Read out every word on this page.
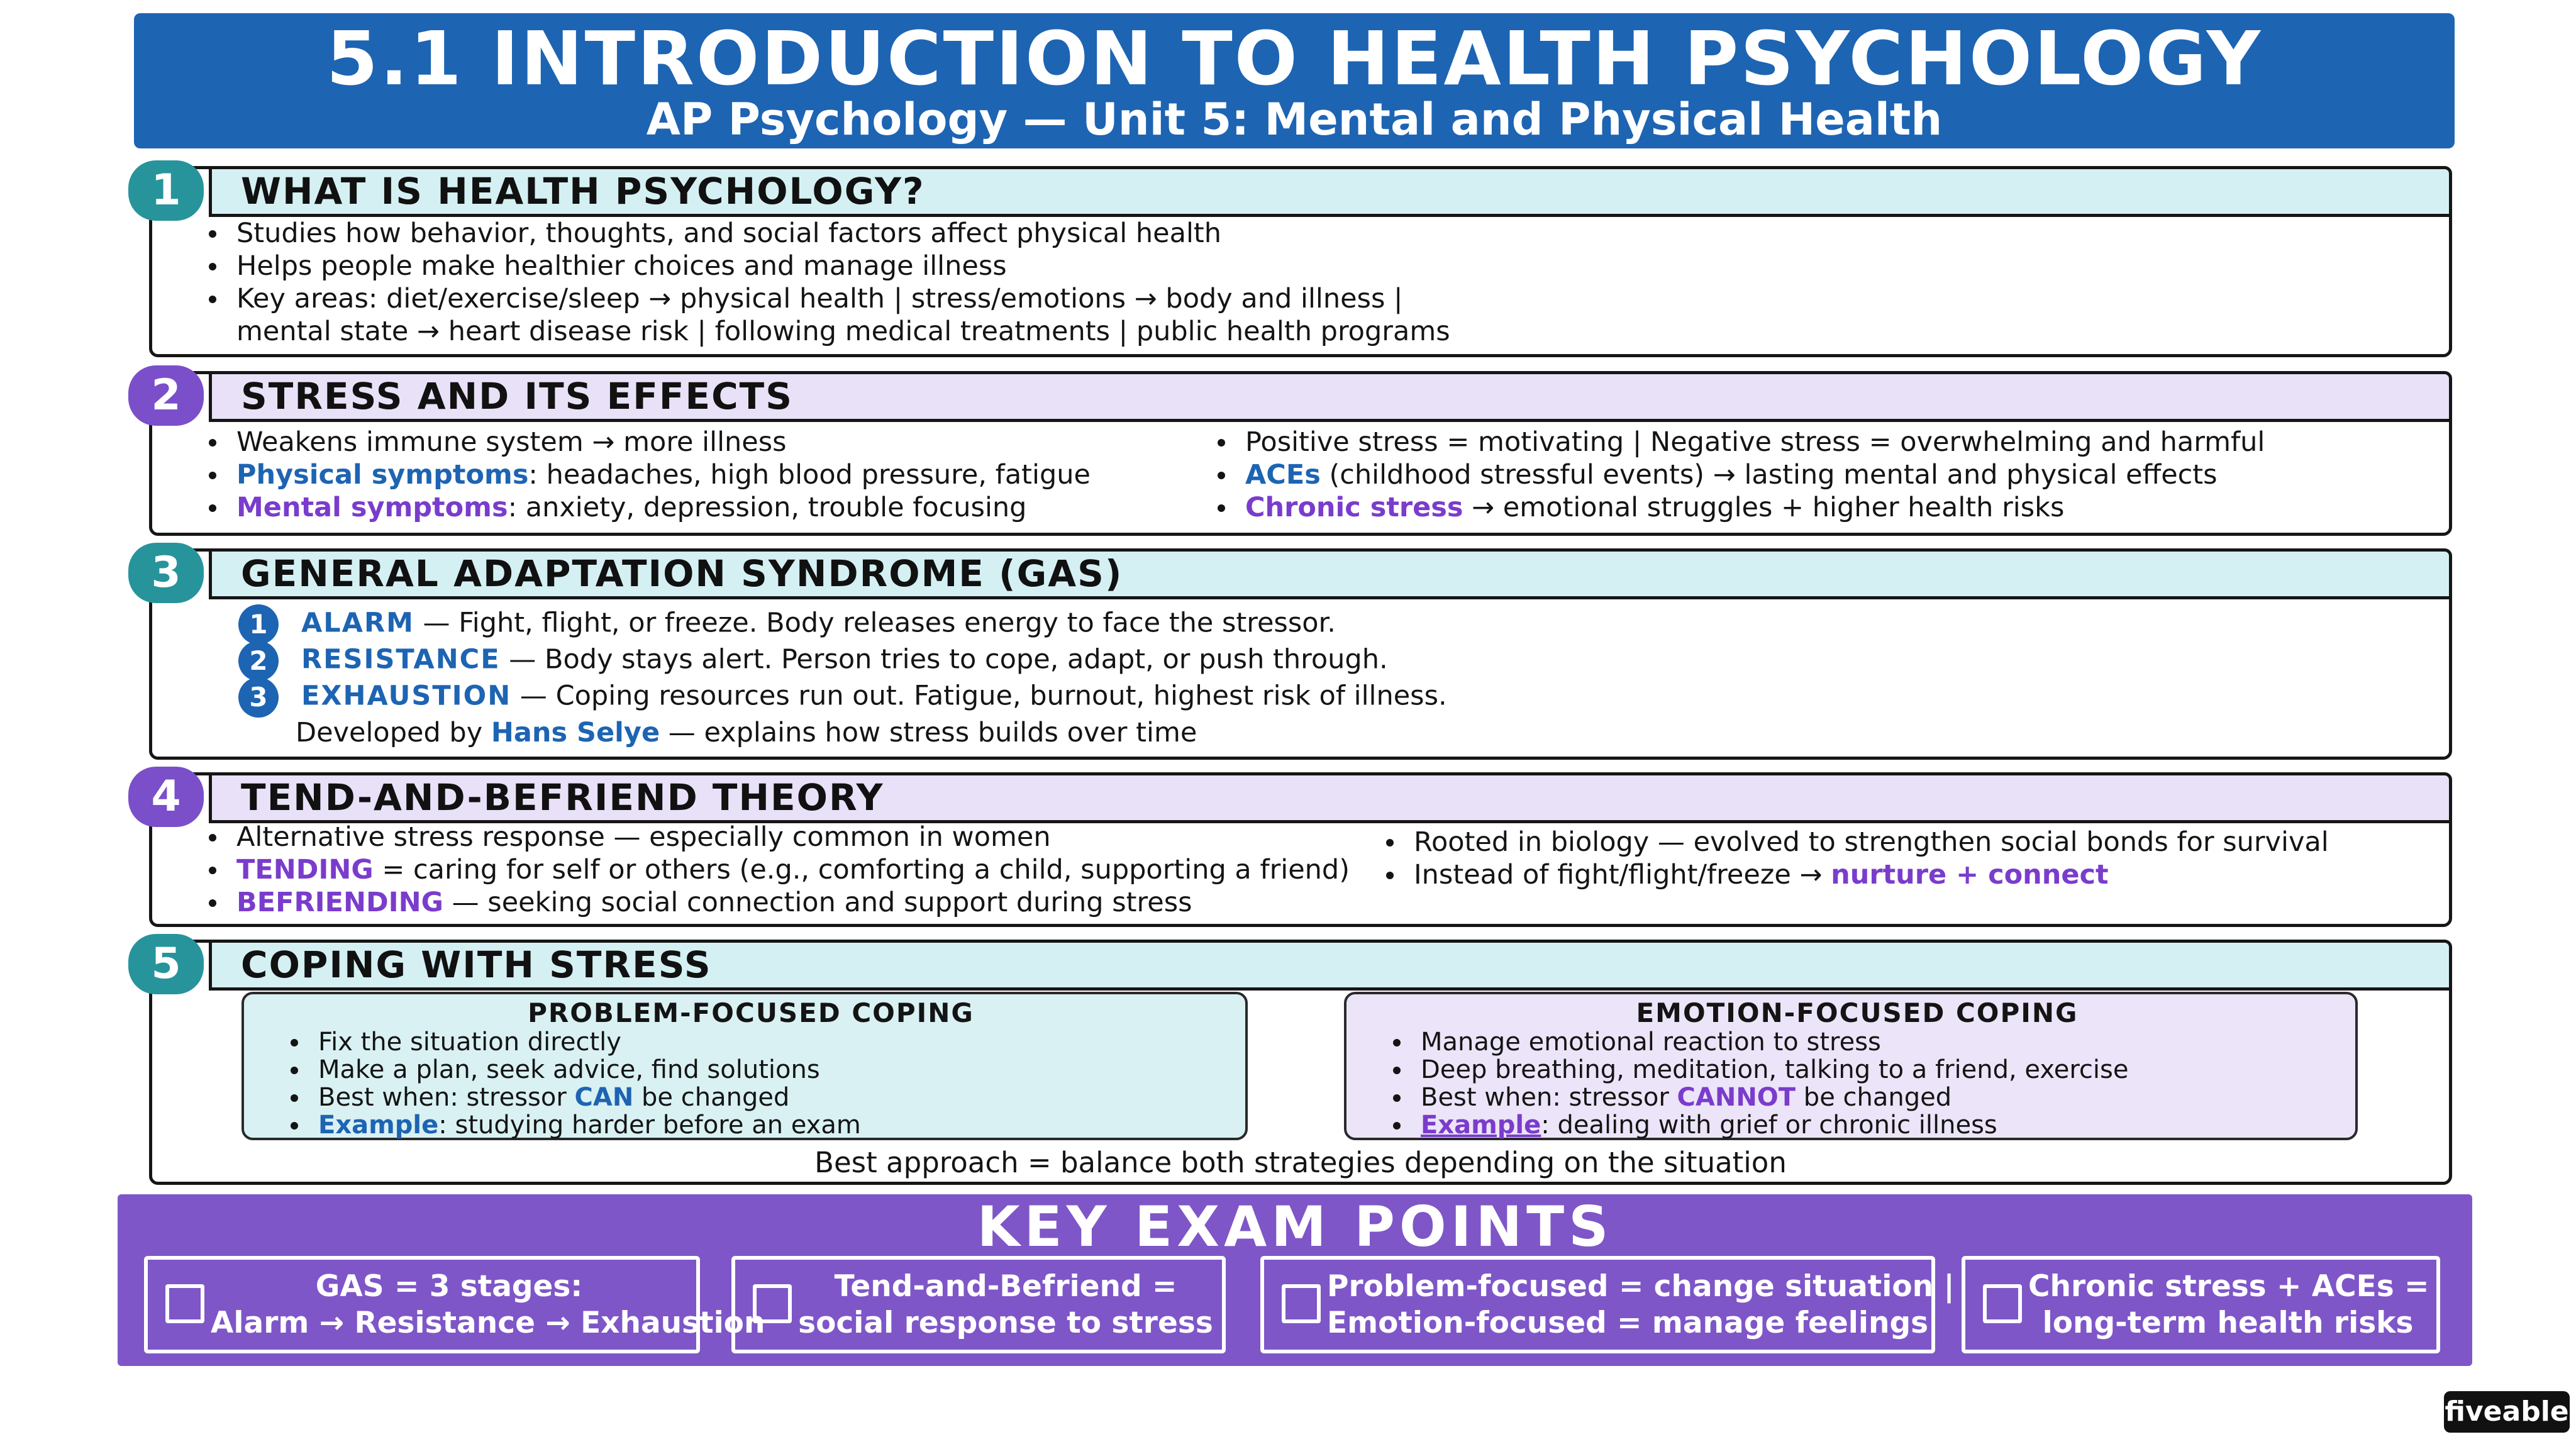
5.1 INTRODUCTION TO HEALTH PSYCHOLOGY
AP Psychology — Unit 5: Mental and Physical Health
1	WHAT IS HEALTH PSYCHOLOGY?
Studies how behavior, thoughts, and social factors affect physical health
Helps people make healthier choices and manage illness
Key areas: diet/exercise/sleep → physical health | stress/emotions → body and illness |
mental state → heart disease risk | following medical treatments | public health programs
2	STRESS AND ITS EFFECTS
Weakens immune system → more illness
Physical symptoms: headaches, high blood pressure, fatigue
Mental symptoms: anxiety, depression, trouble focusing
Positive stress = motivating | Negative stress = overwhelming and harmful
ACEs (childhood stressful events) → lasting mental and physical effects
Chronic stress → emotional struggles + higher health risks
3	GENERAL ADAPTATION SYNDROME (GAS)
1 ALARM — Fight, flight, or freeze. Body releases energy to face the stressor.
2 RESISTANCE — Body stays alert. Person tries to cope, adapt, or push through.
3 EXHAUSTION — Coping resources run out. Fatigue, burnout, highest risk of illness.
Developed by Hans Selye — explains how stress builds over time
4	TEND-AND-BEFRIEND THEORY
Alternative stress response — especially common in women
TENDING = caring for self or others (e.g., comforting a child, supporting a friend)
BEFRIENDING — seeking social connection and support during stress
Rooted in biology — evolved to strengthen social bonds for survival
Instead of fight/flight/freeze → nurture + connect
5	COPING WITH STRESS
PROBLEM-FOCUSED COPING
Fix the situation directly
Make a plan, seek advice, find solutions
Best when: stressor CAN be changed
Example: studying harder before an exam
EMOTION-FOCUSED COPING
Manage emotional reaction to stress
Deep breathing, meditation, talking to a friend, exercise
Best when: stressor CANNOT be changed
Example: dealing with grief or chronic illness
Best approach = balance both strategies depending on the situation
KEY EXAM POINTS
GAS = 3 stages:
Alarm → Resistance → Exhaustion
Tend-and-Befriend =
social response to stress
Problem-focused = change situation |
Emotion-focused = manage feelings
Chronic stress + ACEs =
long-term health risks
fiveable
